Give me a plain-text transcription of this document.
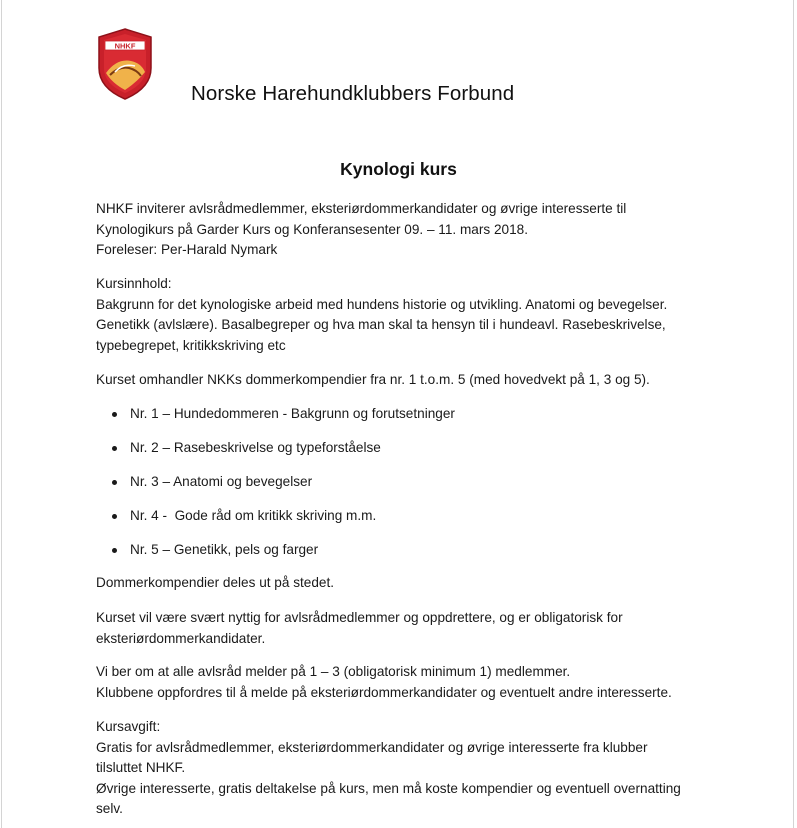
NHKF
Norske Harehundklubbers Forbund
Kynologi kurs
NHKF inviterer avlsrådmedlemmer, eksteriørdommerkandidater og øvrige interesserte til
Kynologikurs på Garder Kurs og Konferansesenter 09. – 11. mars 2018.
Foreleser: Per-Harald Nymark
Kursinnhold:
Bakgrunn for det kynologiske arbeid med hundens historie og utvikling. Anatomi og bevegelser.
Genetikk (avlslære). Basalbegreper og hva man skal ta hensyn til i hundeavl. Rasebeskrivelse,
typebegrepet, kritikkskriving etc
Kurset omhandler NKKs dommerkompendier fra nr. 1 t.o.m. 5 (med hovedvekt på 1, 3 og 5).
Nr. 1 – Hundedommeren - Bakgrunn og forutsetninger
Nr. 2 – Rasebeskrivelse og typeforståelse
Nr. 3 – Anatomi og bevegelser
Nr. 4 -  Gode råd om kritikk skriving m.m.
Nr. 5 – Genetikk, pels og farger
Dommerkompendier deles ut på stedet.
Kurset vil være svært nyttig for avlsrådmedlemmer og oppdrettere, og er obligatorisk for
eksteriørdommerkandidater.
Vi ber om at alle avlsråd melder på 1 – 3 (obligatorisk minimum 1) medlemmer.
Klubbene oppfordres til å melde på eksteriørdommerkandidater og eventuelt andre interesserte.
Kursavgift:
Gratis for avlsrådmedlemmer, eksteriørdommerkandidater og øvrige interesserte fra klubber
tilsluttet NHKF.
Øvrige interesserte, gratis deltakelse på kurs, men må koste kompendier og eventuell overnatting
selv.
